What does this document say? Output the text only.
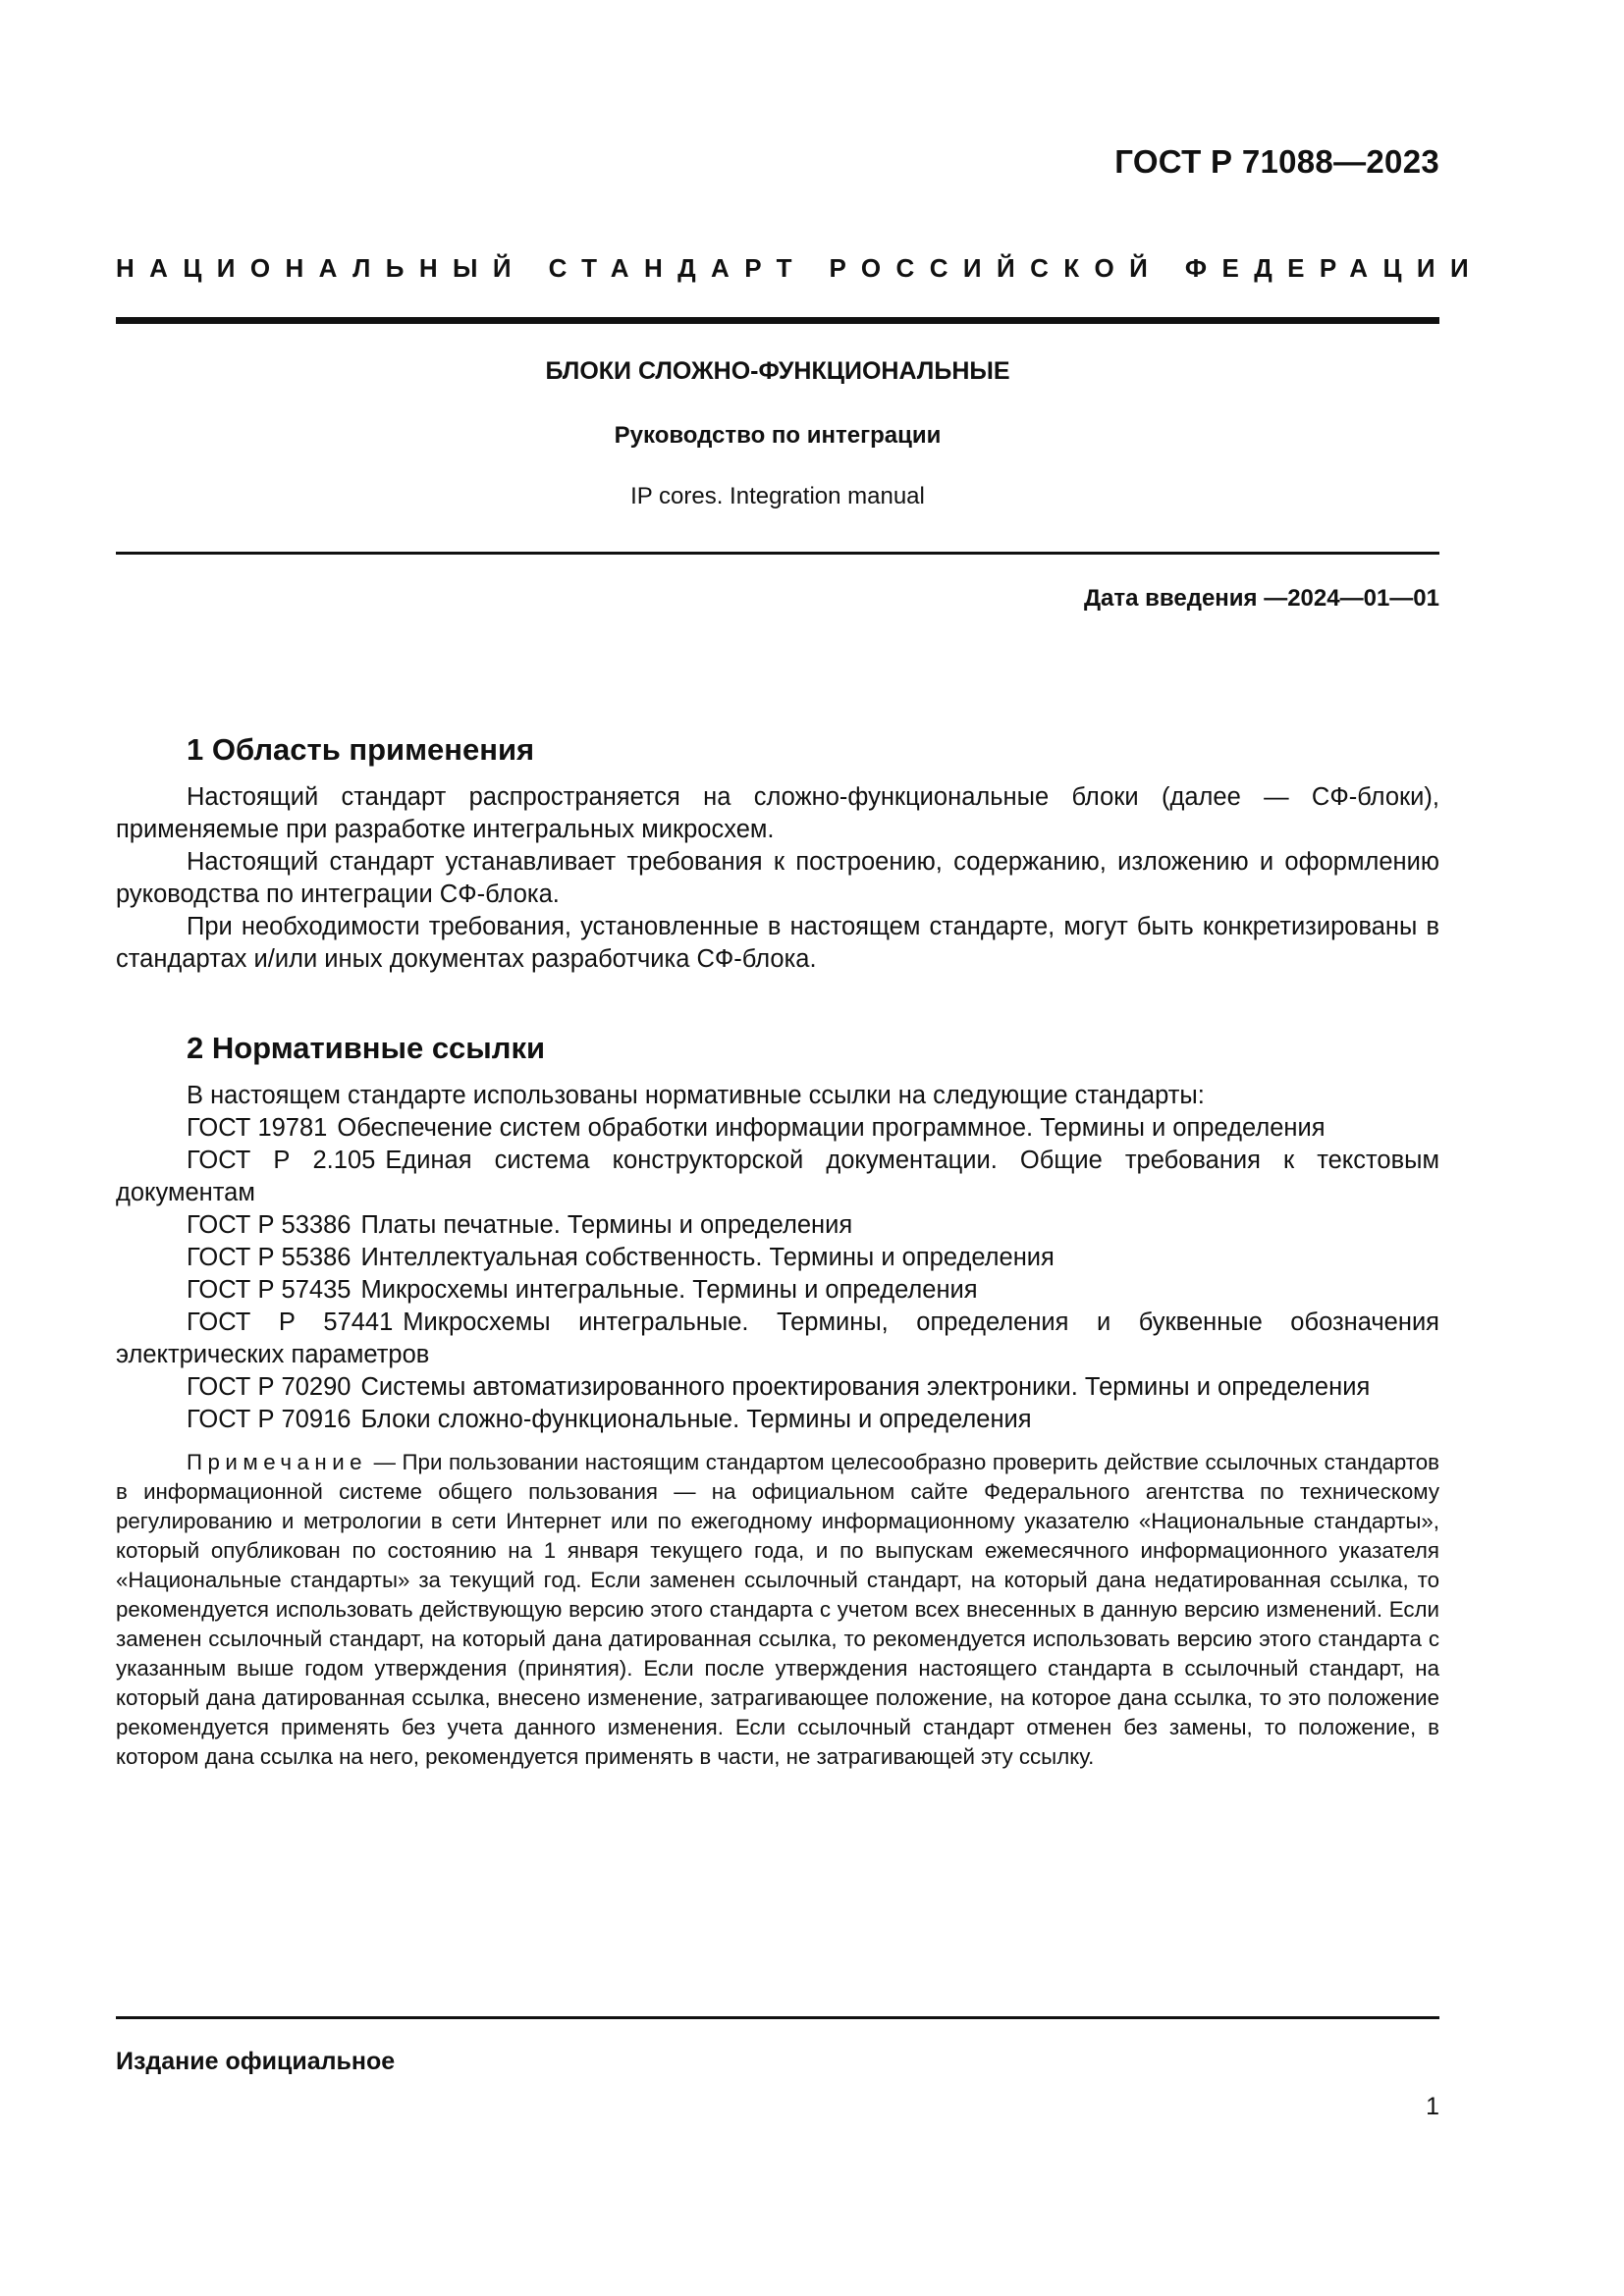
ГОСТ Р 71088—2023
НАЦИОНАЛЬНЫЙ СТАНДАРТ РОССИЙСКОЙ ФЕДЕРАЦИИ
БЛОКИ СЛОЖНО-ФУНКЦИОНАЛЬНЫЕ
Руководство по интеграции
IP cores. Integration manual
Дата введения —2024—01—01
1 Область применения

Настоящий стандарт распространяется на сложно-функциональные блоки (далее — СФ-блоки), применяемые при разработке интегральных микросхем.

Настоящий стандарт устанавливает требования к построению, содержанию, изложению и оформлению руководства по интеграции СФ-блока.

При необходимости требования, установленные в настоящем стандарте, могут быть конкретизированы в стандартах и/или иных документах разработчика СФ-блока.

2 Нормативные ссылки

В настоящем стандарте использованы нормативные ссылки на следующие стандарты:

ГОСТ 19781 Обеспечение систем обработки информации программное. Термины и определения

ГОСТ Р 2.105 Единая система конструкторской документации. Общие требования к текстовым документам

ГОСТ Р 53386 Платы печатные. Термины и определения

ГОСТ Р 55386 Интеллектуальная собственность. Термины и определения

ГОСТ Р 57435 Микросхемы интегральные. Термины и определения

ГОСТ Р 57441 Микросхемы интегральные. Термины, определения и буквенные обозначения электрических параметров

ГОСТ Р 70290 Системы автоматизированного проектирования электроники. Термины и определения

ГОСТ Р 70916 Блоки сложно-функциональные. Термины и определения

Примечание — При пользовании настоящим стандартом целесообразно проверить действие ссылочных стандартов в информационной системе общего пользования — на официальном сайте Федерального агентства по техническому регулированию и метрологии в сети Интернет или по ежегодному информационному указателю «Национальные стандарты», который опубликован по состоянию на 1 января текущего года, и по выпускам ежемесячного информационного указателя «Национальные стандарты» за текущий год. Если заменен ссылочный стандарт, на который дана недатированная ссылка, то рекомендуется использовать действующую версию этого стандарта с учетом всех внесенных в данную версию изменений. Если заменен ссылочный стандарт, на который дана датированная ссылка, то рекомендуется использовать версию этого стандарта с указанным выше годом утверждения (принятия). Если после утверждения настоящего стандарта в ссылочный стандарт, на который дана датированная ссылка, внесено изменение, затрагивающее положение, на которое дана ссылка, то это положение рекомендуется применять без учета данного изменения. Если ссылочный стандарт отменен без замены, то положение, в котором дана ссылка на него, рекомендуется применять в части, не затрагивающей эту ссылку.

Издание официальное
1
